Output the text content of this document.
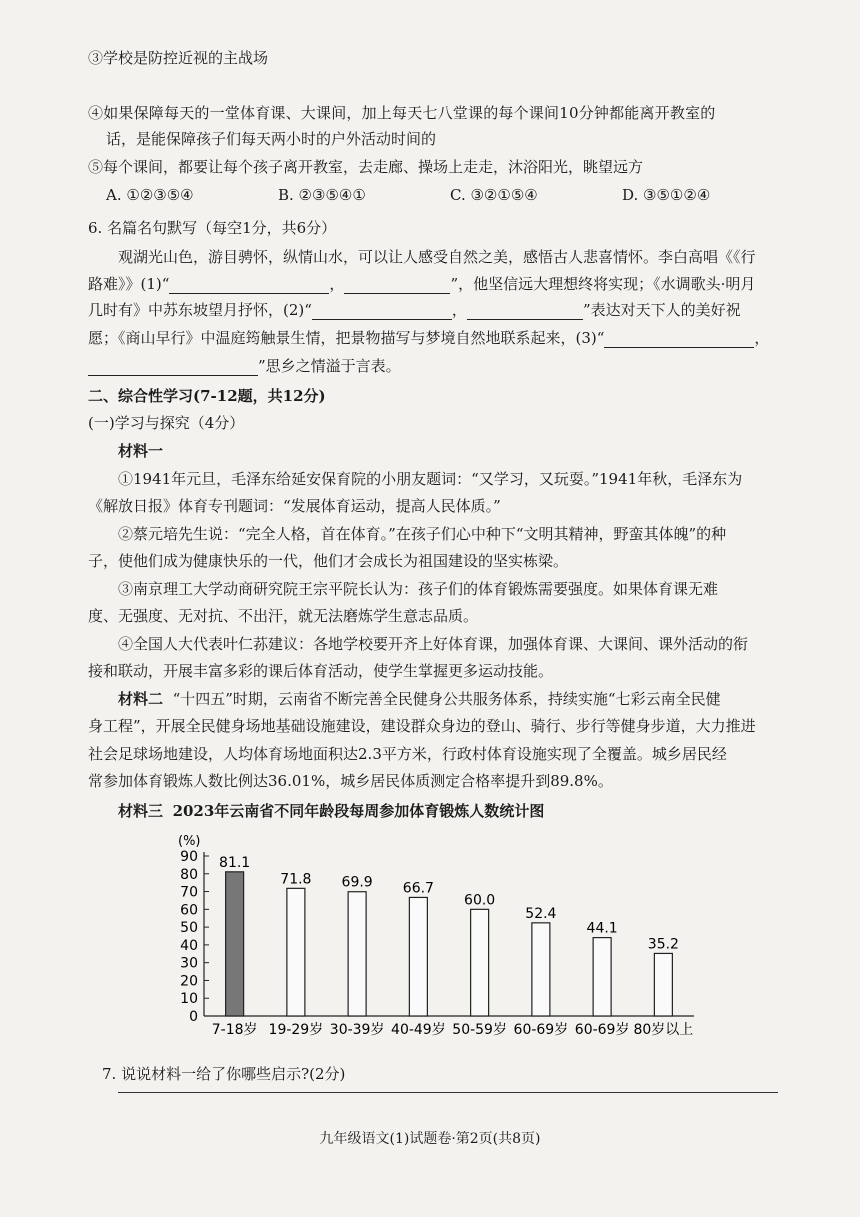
③学校是防控近视的主战场
④如果保障每天的一堂体育课、大课间，加上每天七八堂课的每个课间10分钟都能离开教室的
话，是能保障孩子们每天两小时的户外活动时间的
⑤每个课间，都要让每个孩子离开教室，去走廊、操场上走走，沐浴阳光，眺望远方
A. ①②③⑤④	B. ②③⑤④①	C. ③②①⑤④	D. ③⑤①②④
6. 名篇名句默写（每空1分，共6分）
观湖光山色，游目骋怀，纵情山水，可以让人感受自然之美，感悟古人悲喜情怀。李白高唱《《行
路难》》(1)“	，	”，他坚信远大理想终将实现；《水调歌头·明月
几时有》中苏东坡望月抒怀，(2)“	，	”表达对天下人的美好祝
愿；《商山早行》中温庭筠触景生情，把景物描写与梦境自然地联系起来，(3)“	，
”思乡之情溢于言表。
二、综合性学习(7-12题，共12分)
(一)学习与探究（4分）
材料一
①1941年元旦，毛泽东给延安保育院的小朋友题词：“又学习，又玩耍。”1941年秋，毛泽东为
《解放日报》体育专刊题词：“发展体育运动，提高人民体质。”
②蔡元培先生说：“完全人格，首在体育。”在孩子们心中种下“文明其精神，野蛮其体魄”的种
子，使他们成为健康快乐的一代，他们才会成长为祖国建设的坚实栋梁。
③南京理工大学动商研究院王宗平院长认为：孩子们的体育锻炼需要强度。如果体育课无难
度、无强度、无对抗、不出汗，就无法磨炼学生意志品质。
④全国人大代表叶仁荪建议：各地学校要开齐上好体育课，加强体育课、大课间、课外活动的衔
接和联动，开展丰富多彩的课后体育活动，使学生掌握更多运动技能。
材料二 “十四五”时期，云南省不断完善全民健身公共服务体系，持续实施“七彩云南全民健
身工程”，开展全民健身场地基础设施建设，建设群众身边的登山、骑行、步行等健身步道，大力推进
社会足球场地建设，人均体育场地面积达2.3平方米，行政村体育设施实现了全覆盖。城乡居民经
常参加体育锻炼人数比例达36.01%，城乡居民体质测定合格率提升到89.8%。
材料三 2023年云南省不同年龄段每周参加体育锻炼人数统计图
(%)
0
10
20
30
40
50
60
70
80
90 81.1
7-18岁
71.8
19-29岁
69.9
30-39岁
66.7
40-49岁
60.0
50-59岁
52.4
60-69岁
44.1
60-69岁
35.2
80岁以上
7. 说说材料一给了你哪些启示?(2分)
九年级语文(1)试题卷·第2页(共8页)
